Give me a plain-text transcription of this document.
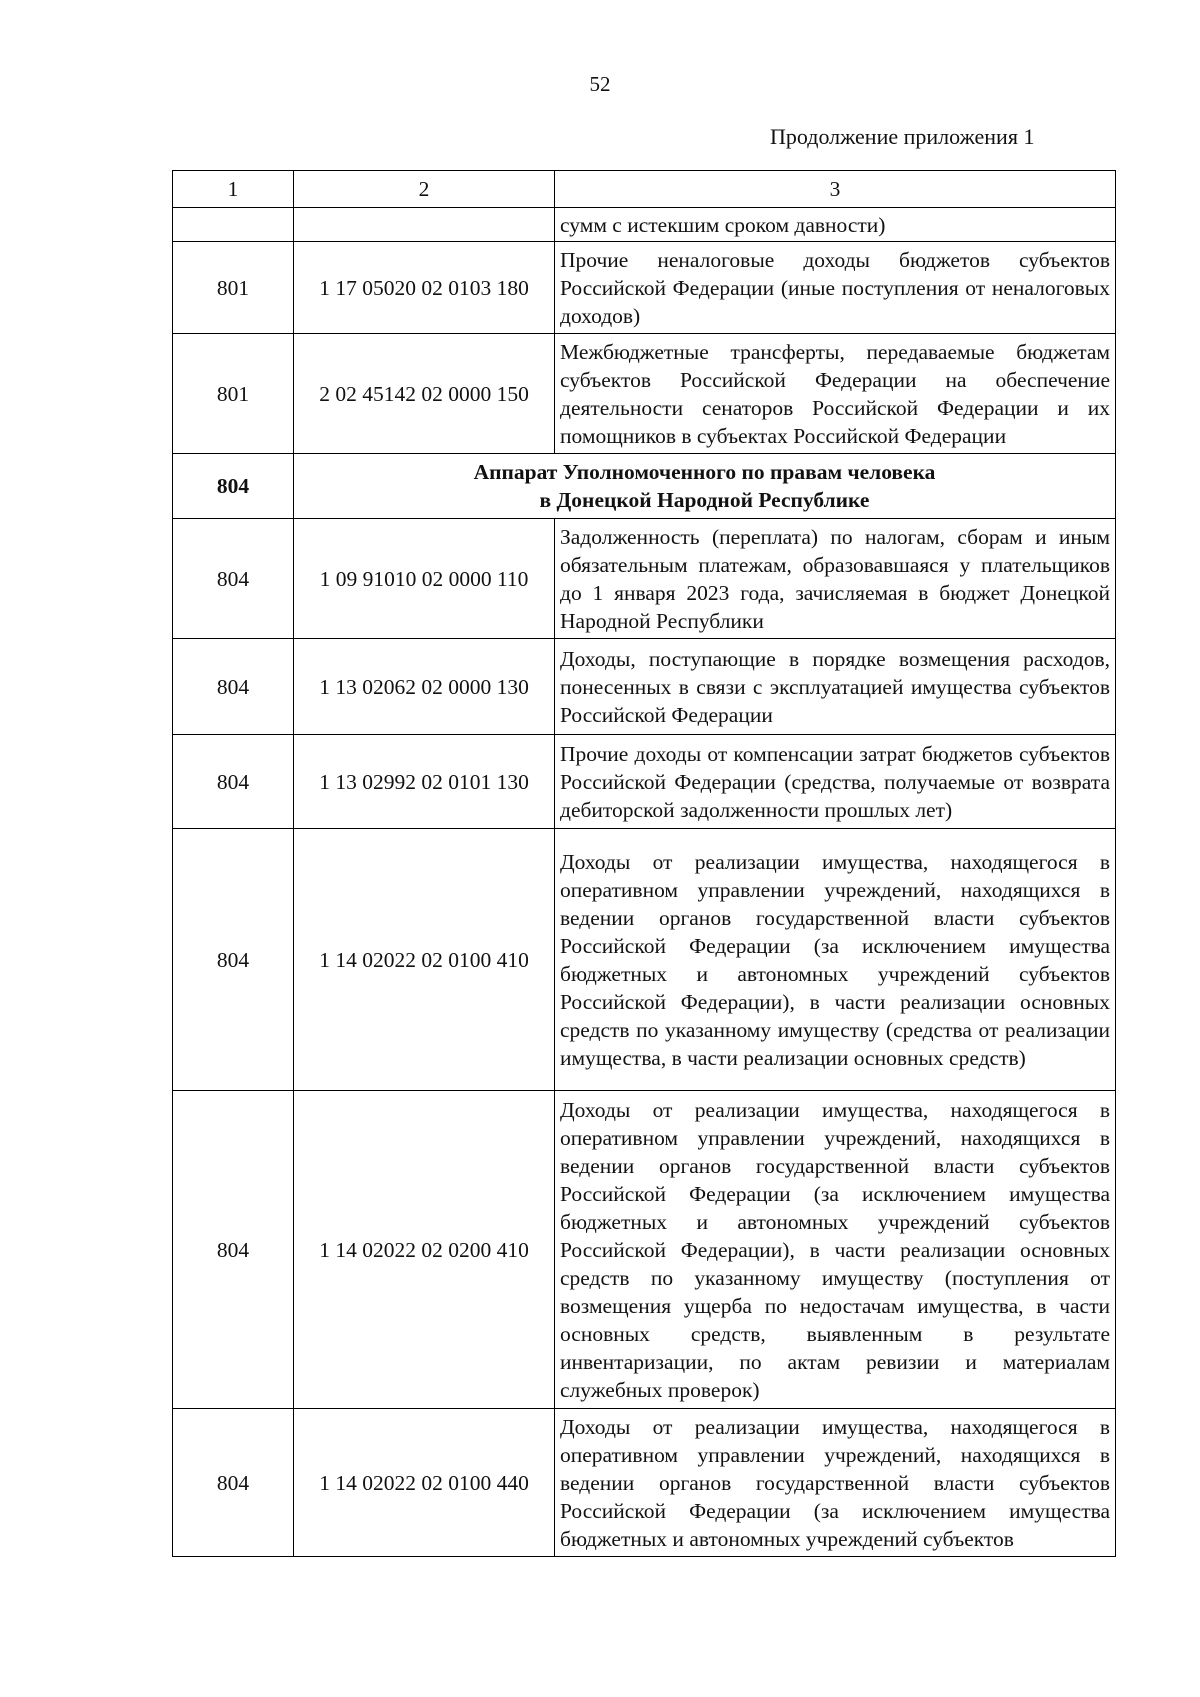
52
Продолжение приложения 1
1	2	3
		сумм с истекшим сроком давности)
801	1 17 05020 02 0103 180	Прочие неналоговые доходы бюджетов субъектов Российской Федерации (иные поступления от неналоговых доходов)
801	2 02 45142 02 0000 150	Межбюджетные трансферты, передаваемые бюджетам субъектов Российской Федерации на обеспечение деятельности сенаторов Российской Федерации и их помощников в субъектах Российской Федерации
804	Аппарат Уполномоченного по правам человека
в Донецкой Народной Республике	

804	1 09 91010 02 0000 110	Задолженность (переплата) по налогам, сборам и иным обязательным платежам, образовавшаяся у плательщиков до 1 января 2023 года, зачисляемая в бюджет Донецкой Народной Республики
804	1 13 02062 02 0000 130	Доходы, поступающие в порядке возмещения расходов, понесенных в связи с эксплуатацией имущества субъектов Российской Федерации
804	1 13 02992 02 0101 130	Прочие доходы от компенсации затрат бюджетов субъектов Российской Федерации (средства, получаемые от возврата дебиторской задолженности прошлых лет)
804	1 14 02022 02 0100 410	Доходы от реализации имущества, находящегося в оперативном управлении учреждений, находящихся в ведении органов государственной власти субъектов Российской Федерации (за исключением имущества бюджетных и автономных учреждений субъектов Российской Федерации), в части реализации основных средств по указанному имуществу (средства от реализации имущества, в части реализации основных средств)
804	1 14 02022 02 0200 410	Доходы от реализации имущества, находящегося в оперативном управлении учреждений, находящихся в ведении органов государственной власти субъектов Российской Федерации (за исключением имущества бюджетных и автономных учреждений субъектов Российской Федерации), в части реализации основных средств по указанному имуществу (поступления от возмещения ущерба по недостачам имущества, в части основных средств, выявленным в результате инвентаризации, по актам ревизии и материалам служебных проверок)
804	1 14 02022 02 0100 440	Доходы от реализации имущества, находящегося в оперативном управлении учреждений, находящихся в ведении органов государственной власти субъектов Российской Федерации (за исключением имущества бюджетных и автономных учреждений субъектов
